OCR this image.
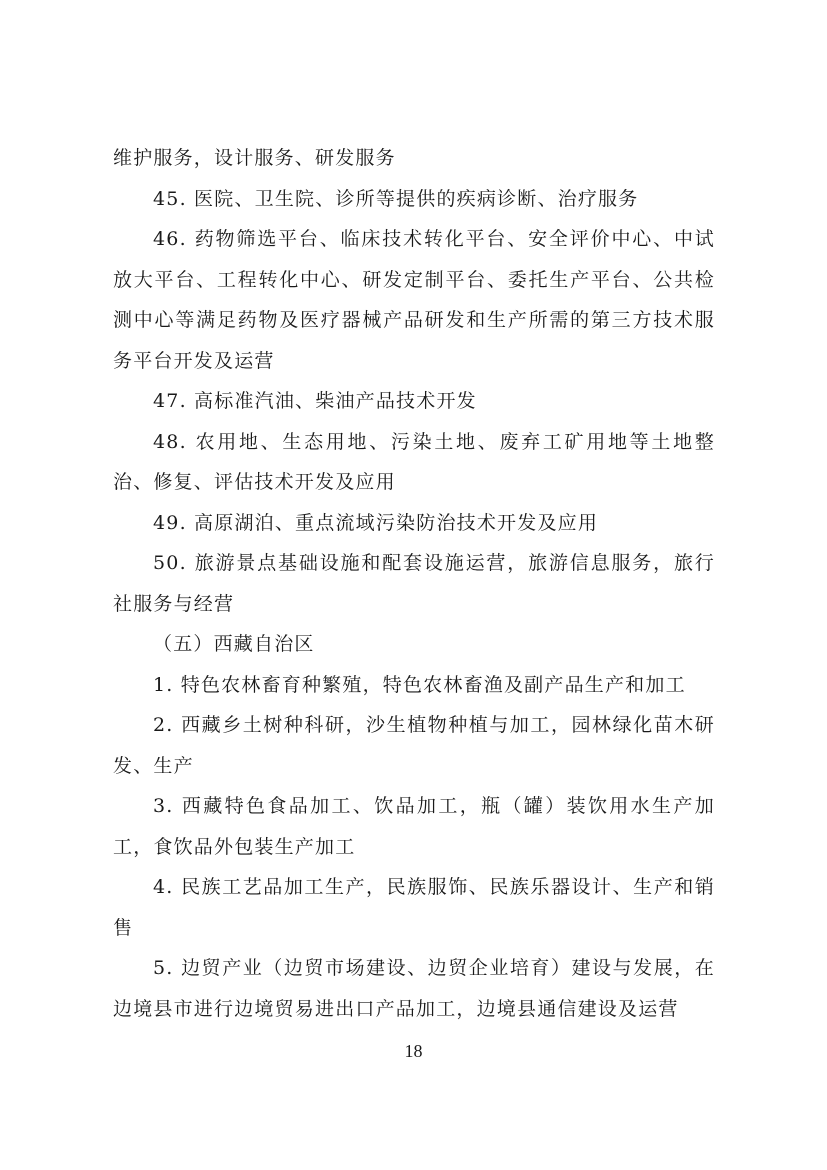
维护服务，设计服务、研发服务

45. 医院、卫生院、诊所等提供的疾病诊断、治疗服务

46. 药物筛选平台、临床技术转化平台、安全评价中心、中试放大平台、工程转化中心、研发定制平台、委托生产平台、公共检测中心等满足药物及医疗器械产品研发和生产所需的第三方技术服务平台开发及运营

47. 高标准汽油、柴油产品技术开发

48. 农用地、生态用地、污染土地、废弃工矿用地等土地整治、修复、评估技术开发及应用

49. 高原湖泊、重点流域污染防治技术开发及应用

50. 旅游景点基础设施和配套设施运营，旅游信息服务，旅行社服务与经营

（五）西藏自治区

1. 特色农林畜育种繁殖，特色农林畜渔及副产品生产和加工

2. 西藏乡土树种科研，沙生植物种植与加工，园林绿化苗木研发、生产

3. 西藏特色食品加工、饮品加工，瓶（罐）装饮用水生产加工，食饮品外包装生产加工

4. 民族工艺品加工生产，民族服饰、民族乐器设计、生产和销售

5. 边贸产业（边贸市场建设、边贸企业培育）建设与发展，在边境县市进行边境贸易进出口产品加工，边境县通信建设及运营

18
